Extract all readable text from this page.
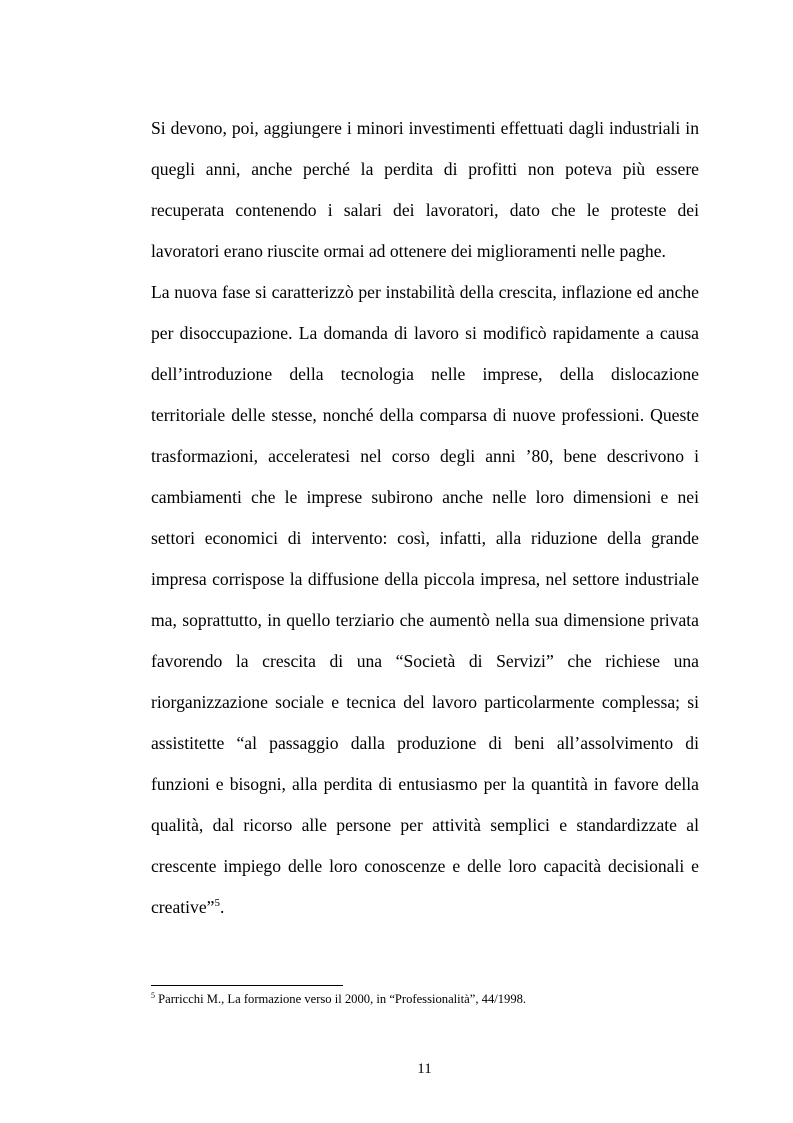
Si devono, poi, aggiungere i minori investimenti effettuati dagli industriali in quegli anni, anche perché la perdita di profitti non poteva più essere recuperata contenendo i salari dei lavoratori, dato che le proteste dei lavoratori erano riuscite ormai ad ottenere dei miglioramenti nelle paghe.

La nuova fase si caratterizzò per instabilità della crescita, inflazione ed anche per disoccupazione. La domanda di lavoro si modificò rapidamente a causa dell’introduzione della tecnologia nelle imprese, della dislocazione territoriale delle stesse, nonché della comparsa di nuove professioni. Queste trasformazioni, acceleratesi nel corso degli anni ’80, bene descrivono i cambiamenti che le imprese subirono anche nelle loro dimensioni e nei settori economici di intervento: così, infatti, alla riduzione della grande impresa corrispose la diffusione della piccola impresa, nel settore industriale ma, soprattutto, in quello terziario che aumentò nella sua dimensione privata favorendo la crescita di una “Società di Servizi” che richiese una riorganizzazione sociale e tecnica del lavoro particolarmente complessa; si assistitette “al passaggio dalla produzione di beni all’assolvimento di funzioni e bisogni, alla perdita di entusiasmo per la quantità in favore della qualità, dal ricorso alle persone per attività semplici e standardizzate al crescente impiego delle loro conoscenze e delle loro capacità decisionali e creative”$^5$.

$^5$ Parricchi M., La formazione verso il 2000, in “Professionalità”, 44/1998.

11
